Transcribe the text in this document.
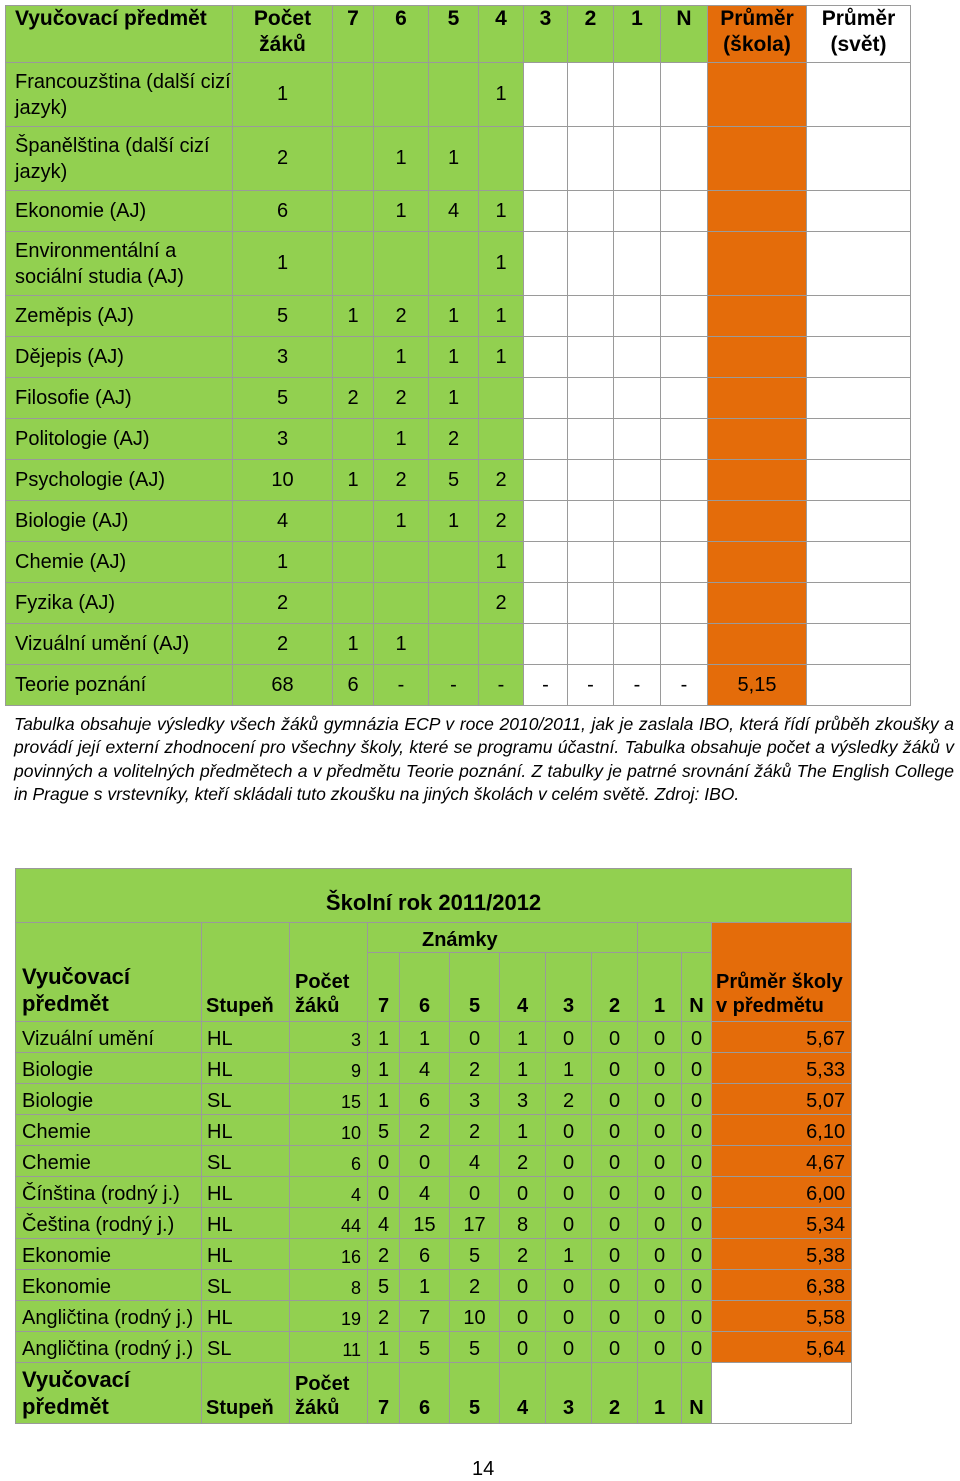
Vyučovací předmět	Počet žáků	7	6	5	4	3	2	1	N	Průměr (škola)	Průměr (svět)
Francouzština (další cizí jazyk)	1				1						
Španělština (další cizí jazyk)	2		1	1							
Ekonomie (AJ)	6		1	4	1						
Environmentální a sociální studia (AJ)	1				1						
Zeměpis (AJ)	5	1	2	1	1						
Dějepis (AJ)	3		1	1	1						
Filosofie (AJ)	5	2	2	1							
Politologie (AJ)	3		1	2							
Psychologie (AJ)	10	1	2	5	2						
Biologie (AJ)	4		1	1	2						
Chemie (AJ)	1				1						
Fyzika (AJ)	2				2						
Vizuální umění (AJ)	2	1	1								
Teorie poznání	68	6	-	-	-	-	-	-	-	5,15	

Tabulka obsahuje výsledky všech žáků gymnázia ECP v roce 2010/2011, jak je zaslala IBO, která řídí průběh zkoušky a provádí její externí zhodnocení pro všechny školy, které se programu účastní. Tabulka obsahuje počet a výsledky žáků v povinných a volitelných předmětech a v předmětu Teorie poznání. Z tabulky je patrné srovnání žáků The English College in Prague s vrstevníky, kteří skládali tuto zkoušku na jiných školách v celém světě. Zdroj: IBO.

Školní rok 2011/2012											
Vyučovací předmět	Stupeň	Počet žáků	Známky								Průměr školy v předmětu
			7	6	5	4	3	2	1	N	
Vizuální umění	HL	3	1	1	0	1	0	0	0	0	5,67
Biologie	HL	9	1	4	2	1	1	0	0	0	5,33
Biologie	SL	15	1	6	3	3	2	0	0	0	5,07
Chemie	HL	10	5	2	2	1	0	0	0	0	6,10
Chemie	SL	6	0	0	4	2	0	0	0	0	4,67
Čínština (rodný j.)	HL	4	0	4	0	0	0	0	0	0	6,00
Čeština (rodný j.)	HL	44	4	15	17	8	0	0	0	0	5,34
Ekonomie	HL	16	2	6	5	2	1	0	0	0	5,38
Ekonomie	SL	8	5	1	2	0	0	0	0	0	6,38
Angličtina (rodný j.)	HL	19	2	7	10	0	0	0	0	0	5,58
Angličtina (rodný j.)	SL	11	1	5	5	0	0	0	0	0	5,64
Vyučovací předmět	Stupeň	Počet žáků	7	6	5	4	3	2	1	N	
14
